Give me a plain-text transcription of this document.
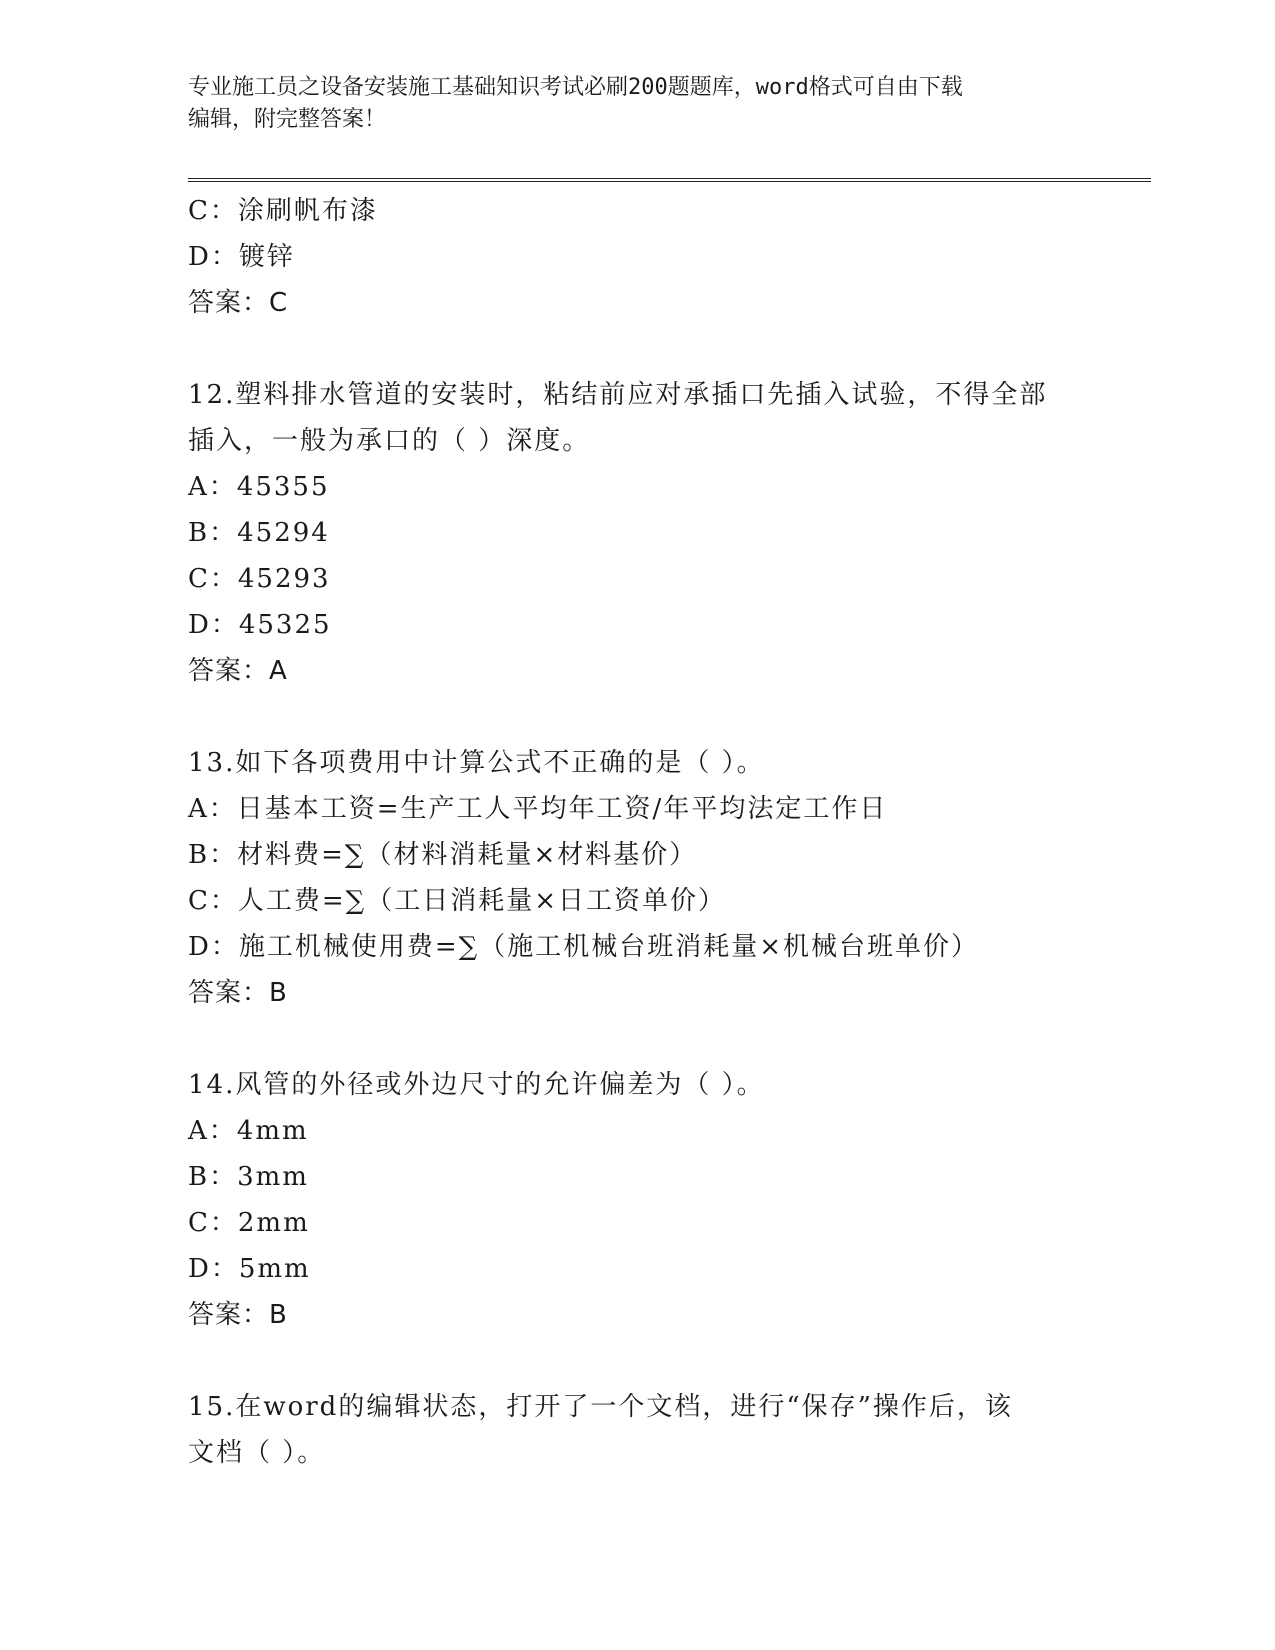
专业施工员之设备安装施工基础知识考试必刷200题题库，word格式可自由下载
编辑，附完整答案！
C：涂刷帆布漆
D：镀锌
答案：C
12.塑料排水管道的安装时，粘结前应对承插口先插入试验，不得全部
插入，一般为承口的（ ）深度。
A：45355
B：45294
C：45293
D：45325
答案：A
13.如下各项费用中计算公式不正确的是（ ）。
A：日基本工资=生产工人平均年工资/年平均法定工作日
B：材料费=∑（材料消耗量×材料基价）
C：人工费=∑（工日消耗量×日工资单价）
D：施工机械使用费=∑（施工机械台班消耗量×机械台班单价）
答案：B
14.风管的外径或外边尺寸的允许偏差为（ ）。
A：4mm
B：3mm
C：2mm
D：5mm
答案：B
15.在word的编辑状态，打开了一个文档，进行“保存”操作后，该
文档（ ）。
